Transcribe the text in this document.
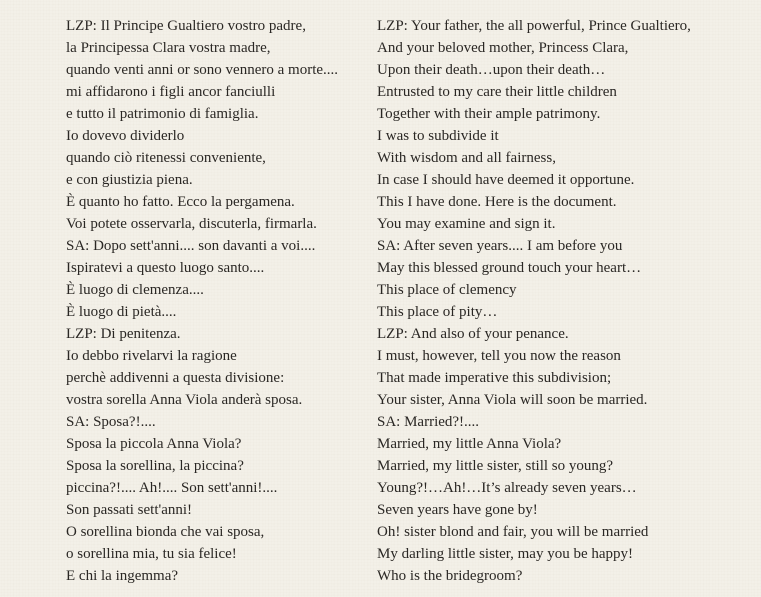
LZP: Il Principe Gualtiero vostro padre,
la Principessa Clara vostra madre,
quando venti anni or sono vennero a morte....
mi affidarono i figli ancor fanciulli
e tutto il patrimonio di famiglia.
Io dovevo dividerlo
quando ciò ritenessi conveniente,
e con giustizia piena.
È quanto ho fatto. Ecco la pergamena.
Voi potete osservarla, discuterla, firmarla.
SA: Dopo sett'anni.... son davanti a voi....
Ispiratevi a questo luogo santo....
È luogo di clemenza....
È luogo di pietà....
LZP: Di penitenza.
Io debbo rivelarvi la ragione
perchè addivenni a questa divisione:
vostra sorella Anna Viola anderà sposa.
SA: Sposa?!....
Sposa la piccola Anna Viola?
Sposa la sorellina, la piccina?
piccina?!.... Ah!.... Son sett'anni!....
Son passati sett'anni!
O sorellina bionda che vai sposa,
o sorellina mia, tu sia felice!
E chi la ingemma?
LZP: Your father, the all powerful, Prince Gualtiero,
And your beloved mother, Princess Clara,
Upon their death…upon their death…
Entrusted to my care their little children
Together with their ample patrimony.
I was to subdivide it
With wisdom and all fairness,
In case I should have deemed it opportune.
This I have done. Here is the document.
You may examine and sign it.
SA: After seven years.... I am before you
May this blessed ground touch your heart…
This place of clemency
This place of pity…
LZP: And also of your penance.
I must, however, tell you now the reason
That made imperative this subdivision;
Your sister, Anna Viola will soon be married.
SA: Married?!....
Married, my little Anna Viola?
Married, my little sister, still so young?
Young?!…Ah!…It’s already seven years…
Seven years have gone by!
Oh! sister blond and fair, you will be married
My darling little sister, may you be happy!
Who is the bridegroom?
